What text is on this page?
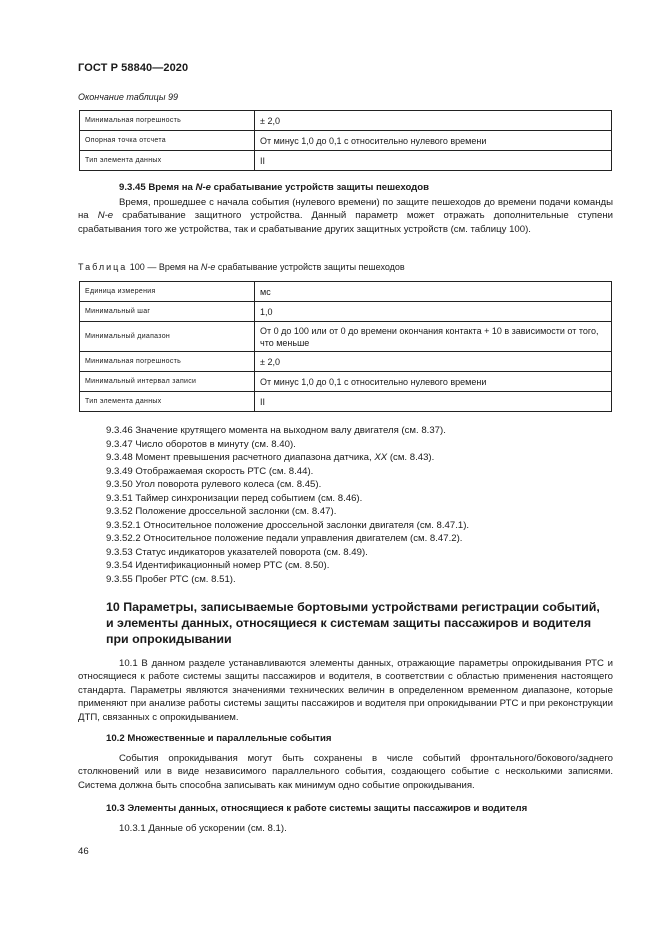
ГОСТ Р 58840—2020
Окончание таблицы 99
Минимальная погрешность	± 2,0
Опорная точка отсчета	От минус 1,0 до 0,1 с относительно нулевого времени
Тип элемента данных	II
9.3.45 Время на N-е срабатывание устройств защиты пешеходов
Время, прошедшее с начала события (нулевого времени) по защите пешеходов до времени подачи команды на N-е срабатывание защитного устройства. Данный параметр может отражать дополнительные ступени срабатывания того же устройства, так и срабатывание других защитных устройств (см. таблицу 100).
Таблица 100 — Время на N-е срабатывание устройств защиты пешеходов
Единица измерения	мс
Минимальный шаг	1,0
Минимальный диапазон	От 0 до 100 или от 0 до времени окончания контакта + 10 в зависимости от того, что меньше
Минимальная погрешность	± 2,0
Минимальный интервал записи	От минус 1,0 до 0,1 с относительно нулевого времени
Тип элемента данных	II
9.3.46 Значение крутящего момента на выходном валу двигателя (см. 8.37).
9.3.47 Число оборотов в минуту (см. 8.40).
9.3.48 Момент превышения расчетного диапазона датчика, XX (см. 8.43).
9.3.49 Отображаемая скорость РТС (см. 8.44).
9.3.50 Угол поворота рулевого колеса (см. 8.45).
9.3.51 Таймер синхронизации перед событием (см. 8.46).
9.3.52 Положение дроссельной заслонки (см. 8.47).
9.3.52.1 Относительное положение дроссельной заслонки двигателя (см. 8.47.1).
9.3.52.2 Относительное положение педали управления двигателем (см. 8.47.2).
9.3.53 Статус индикаторов указателей поворота (см. 8.49).
9.3.54 Идентификационный номер РТС (см. 8.50).
9.3.55 Пробег РТС (см. 8.51).
10 Параметры, записываемые бортовыми устройствами регистрации событий, и элементы данных, относящиеся к системам защиты пассажиров и водителя при опрокидывании
10.1 В данном разделе устанавливаются элементы данных, отражающие параметры опрокидывания РТС и относящиеся к работе системы защиты пассажиров и водителя, в соответствии с областью применения настоящего стандарта. Параметры являются значениями технических величин в определенном временном диапазоне, которые применяют при анализе работы системы защиты пассажиров и водителя при опрокидывании РТС и при реконструкции ДТП, связанных с опрокидыванием.
10.2 Множественные и параллельные события
События опрокидывания могут быть сохранены в числе событий фронтального/бокового/заднего столкновений или в виде независимого параллельного события, создающего событие с несколькими записями. Система должна быть способна записывать как минимум одно событие опрокидывания.
10.3 Элементы данных, относящиеся к работе системы защиты пассажиров и водителя
10.3.1 Данные об ускорении (см. 8.1).
46
